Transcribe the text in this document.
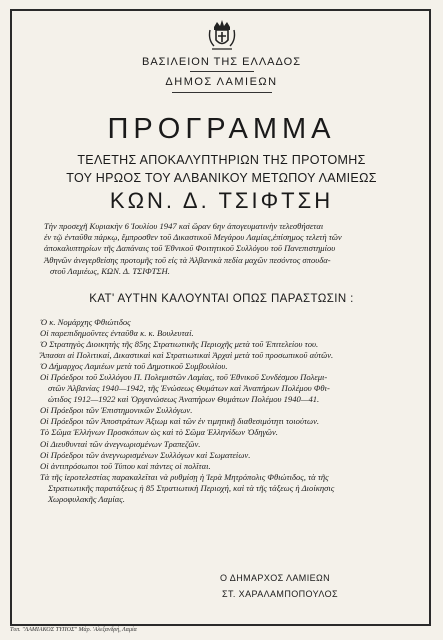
ΒΑΣΙΛΕΙΟΝ ΤΗΣ ΕΛΛΑΔΟΣ
ΔΗΜΟΣ ΛΑΜΙΕΩΝ
ΠΡΟΓΡΑΜΜΑ
ΤΕΛΕΤΗΣ ΑΠΟΚΑΛΥΠΤΗΡΙΩΝ ΤΗΣ ΠΡΟΤΟΜΗΣ
ΤΟΥ ΗΡΩΟΣ ΤΟΥ ΑΛΒΑΝΙΚΟΥ ΜΕΤΩΠΟΥ ΛΑΜΙΕΩΣ
ΚΩΝ. Δ. ΤΣΙΦΤΣΗ
Τὴν προσεχῆ Κυριακὴν 6 Ἰουλίου 1947 καὶ ὥραν 6ην ἀπογευματινὴν τελεσθήσεται
ἐν τῷ ἐνταῦθα πάρκῳ, ἔμπροσθεν τοῦ Δικαστικοῦ Μεγάρου Λαμίας,ἐπίσημος τελετὴ τῶν
ἀποκαλυπτηρίων τῆς Δαπάναις τοῦ Ἐθνικοῦ Φοιτητικοῦ Συλλόγου τοῦ Πανεπιστημίου
Ἀθηνῶν ἀνεγερθείσης προτομῆς τοῦ εἰς τὰ Ἀλβανικὰ πεδία μαχῶν πεσόντος σπουδα-
στοῦ Λαμιέως, ΚΩΝ. Δ. ΤΣΙΦΤΣΗ.
ΚΑΤ' ΑΥΤΗΝ ΚΑΛΟΥΝΤΑΙ ΟΠΩΣ ΠΑΡΑΣΤΩΣΙΝ :
Ὁ κ. Νομάρχης Φθιώτιδος
Οἱ παρεπιδημοῦντες ἐνταῦθα κ. κ. Βουλευταί.
Ὁ Στρατηγὸς Διοικητὴς τῆς 85ης Στρατιωτικῆς Περιοχῆς μετὰ τοῦ Ἐπιτελείου του.
Ἅπασαι αἱ Πολιτικαί, Δικαστικαὶ καὶ Στρατιωτικαὶ Ἀρχαὶ μετὰ τοῦ προσωπικοῦ αὐτῶν.
Ὁ Δήμαρχος Λαμιέων μετὰ τοῦ Δημοτικοῦ Συμβουλίου.
Οἱ Πρόεδροι τοῦ Συλλόγου Π. Πολεμιστῶν Λαμίας, τοῦ Ἐθνικοῦ Συνδέσμου Πολεμι-
στῶν Ἀλβανίας 1940—1942, τῆς Ἑνώσεως Θυμάτων καὶ Ἀναπήρων Πολέμου Φθι-
ώτιδος 1912—1922 καὶ Ὀργανώσεως Ἀναπήρων Θυμάτων Πολέμου 1940—41.
Οἱ Πρόεδροι τῶν Ἐπιστημονικῶν Συλλόγων.
Οἱ Πρόεδροι τῶν Ἀποστράτων Ἀξιωμ καὶ τῶν ἐν τιμητικῇ διαθεσιμότητι τοιούτων.
Τὸ Σῶμα Ἑλλήνων Προσκόπων ὡς καὶ τὸ Σῶμα Ἑλληνίδων Ὁδηγῶν.
Οἱ Διευθυνταὶ τῶν ἀνεγνωρισμένων Τραπεζῶν.
Οἱ Πρόεδροι τῶν ἀνεγνωρισμένων Συλλόγων καὶ Σωματείων.
Οἱ ἀντιπρόσωποι τοῦ Τύπου καὶ πάντες οἱ πολῖται.
Τὰ τῆς ἱεροτελεστίας παρακαλεῖται νὰ ρυθμίσῃ ἡ Ἱερὰ Μητρόπολις Φθιώτιδος, τὰ τῆς
Στρατιωτικῆς παρατάξεως ἡ 85 Στρατιωτικὴ Περιοχή, καὶ τὰ τῆς τάξεως ἡ Διοίκησις
Χωροφυλακῆς Λαμίας.
Ο ΔΗΜΑΡΧΟΣ ΛΑΜΙΕΩΝ
ΣΤ. ΧΑΡΑΛΑΜΠΟΠΟΥΛΟΣ
Τυπ. "ΛΑΜΙΑΚΟΣ ΤΥΠΟΣ" Μάρ. 'Αλεξανδρή, Λαμία
